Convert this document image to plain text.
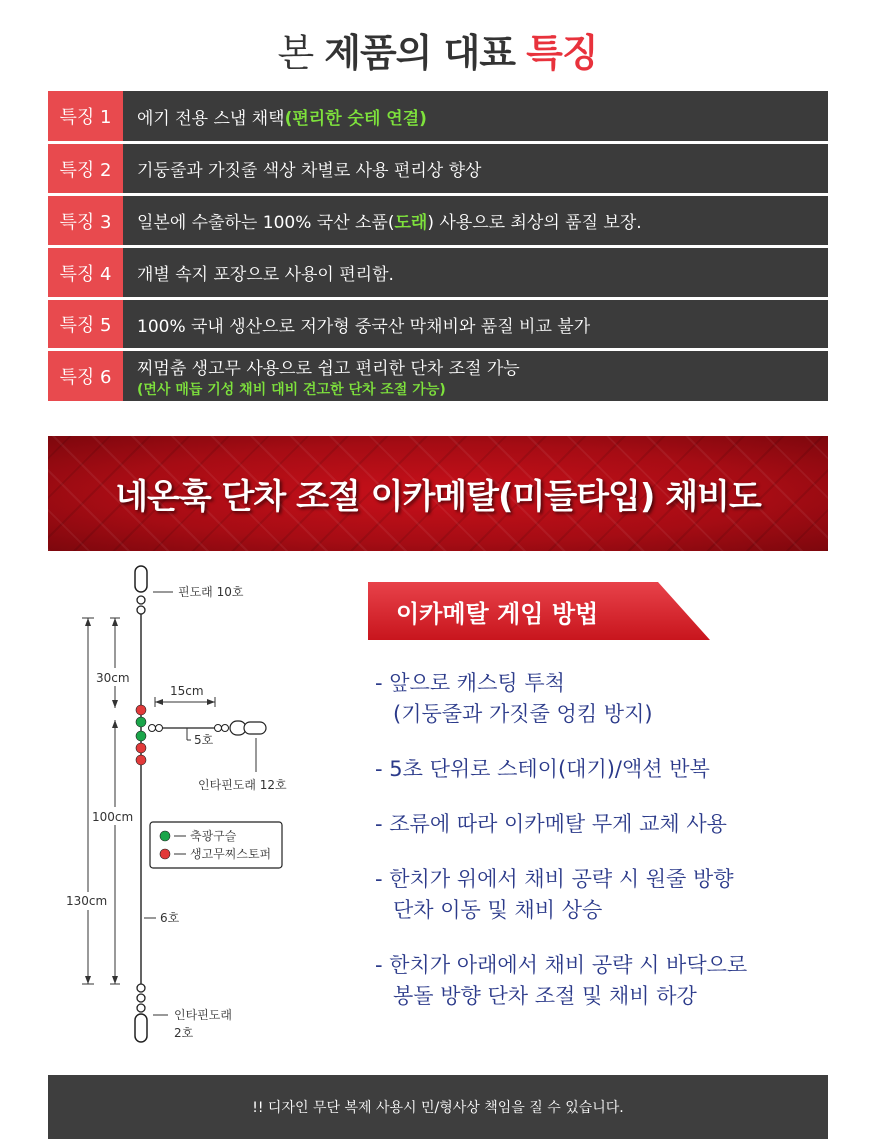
본 제품의 대표 특징
특징 1	에기 전용 스냅 채택(편리한 숫테 연결)
특징 2	기둥줄과 가짓줄 색상 차별로 사용 편리상 향상
특징 3	일본에 수출하는 100% 국산 소품(도래) 사용으로 최상의 품질 보장.
특징 4	개별 속지 포장으로 사용이 편리함.
특징 5	100% 국내 생산으로 저가형 중국산 막채비와 품질 비교 불가
특징 6	찌멈춤 생고무 사용으로 쉽고 편리한 단차 조절 가능
(면사 매듭 기성 채비 대비 견고한 단차 조절 가능)
네온훅 단차 조절 이카메탈(미들타입) 채비도
핀도래 10호
130cm
30cm
100cm
15cm
5호
인타핀도래 12호
축광구슬
생고무찌스토퍼
6호
인타핀도래
2호
이카메탈 게임 방법
- 앞으로 캐스팅 투척
(기둥줄과 가짓줄 엉킴 방지)
- 5초 단위로 스테이(대기)/액션 반복
- 조류에 따라 이카메탈 무게 교체 사용
- 한치가 위에서 채비 공략 시 원줄 방향
단차 이동 및 채비 상승
- 한치가 아래에서 채비 공략 시 바닥으로
봉돌 방향 단차 조절 및 채비 하강
!! 디자인 무단 복제 사용시 민/형사상 책임을 질 수 있습니다.
